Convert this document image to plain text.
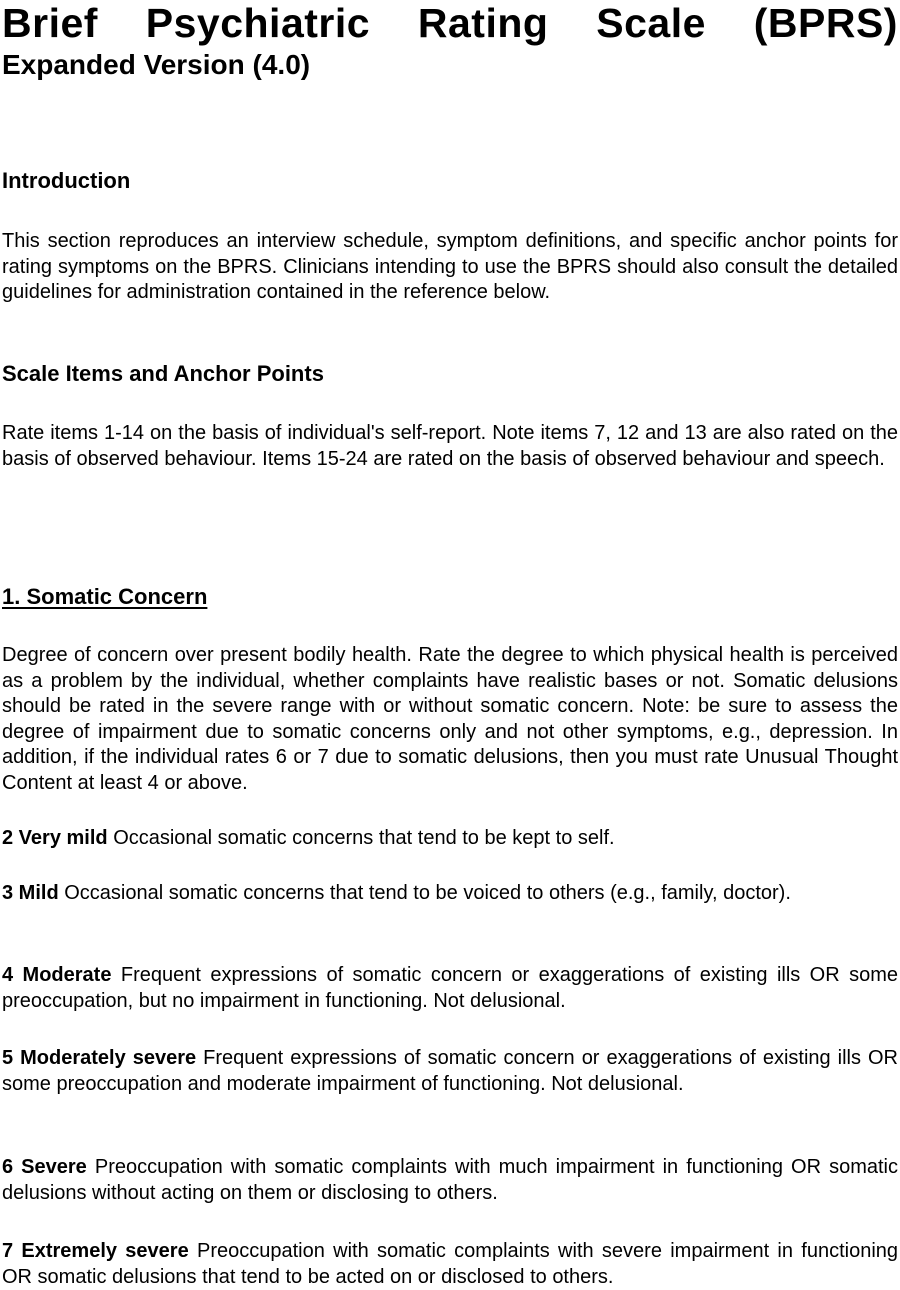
Brief Psychiatric Rating Scale (BPRS)
Expanded Version (4.0)
Introduction
This section reproduces an interview schedule, symptom definitions, and specific anchor points for rating symptoms on the BPRS. Clinicians intending to use the BPRS should also consult the detailed guidelines for administration contained in the reference below.
Scale Items and Anchor Points
Rate items 1-14 on the basis of individual's self-report. Note items 7, 12 and 13 are also rated on the basis of observed behaviour. Items 15-24 are rated on the basis of observed behaviour and speech.
1. Somatic Concern
Degree of concern over present bodily health. Rate the degree to which physical health is perceived as a problem by the individual, whether complaints have realistic bases or not. Somatic delusions should be rated in the severe range with or without somatic concern. Note: be sure to assess the degree of impairment due to somatic concerns only and not other symptoms, e.g., depression. In addition, if the individual rates 6 or 7 due to somatic delusions, then you must rate Unusual Thought Content at least 4 or above.
2 Very mild Occasional somatic concerns that tend to be kept to self.
3 Mild Occasional somatic concerns that tend to be voiced to others (e.g., family, doctor).
4 Moderate Frequent expressions of somatic concern or exaggerations of existing ills OR some preoccupation, but no impairment in functioning. Not delusional.
5 Moderately severe Frequent expressions of somatic concern or exaggerations of existing ills OR some preoccupation and moderate impairment of functioning. Not delusional.
6 Severe Preoccupation with somatic complaints with much impairment in functioning OR somatic delusions without acting on them or disclosing to others.
7 Extremely severe Preoccupation with somatic complaints with severe impairment in functioning OR somatic delusions that tend to be acted on or disclosed to others.
